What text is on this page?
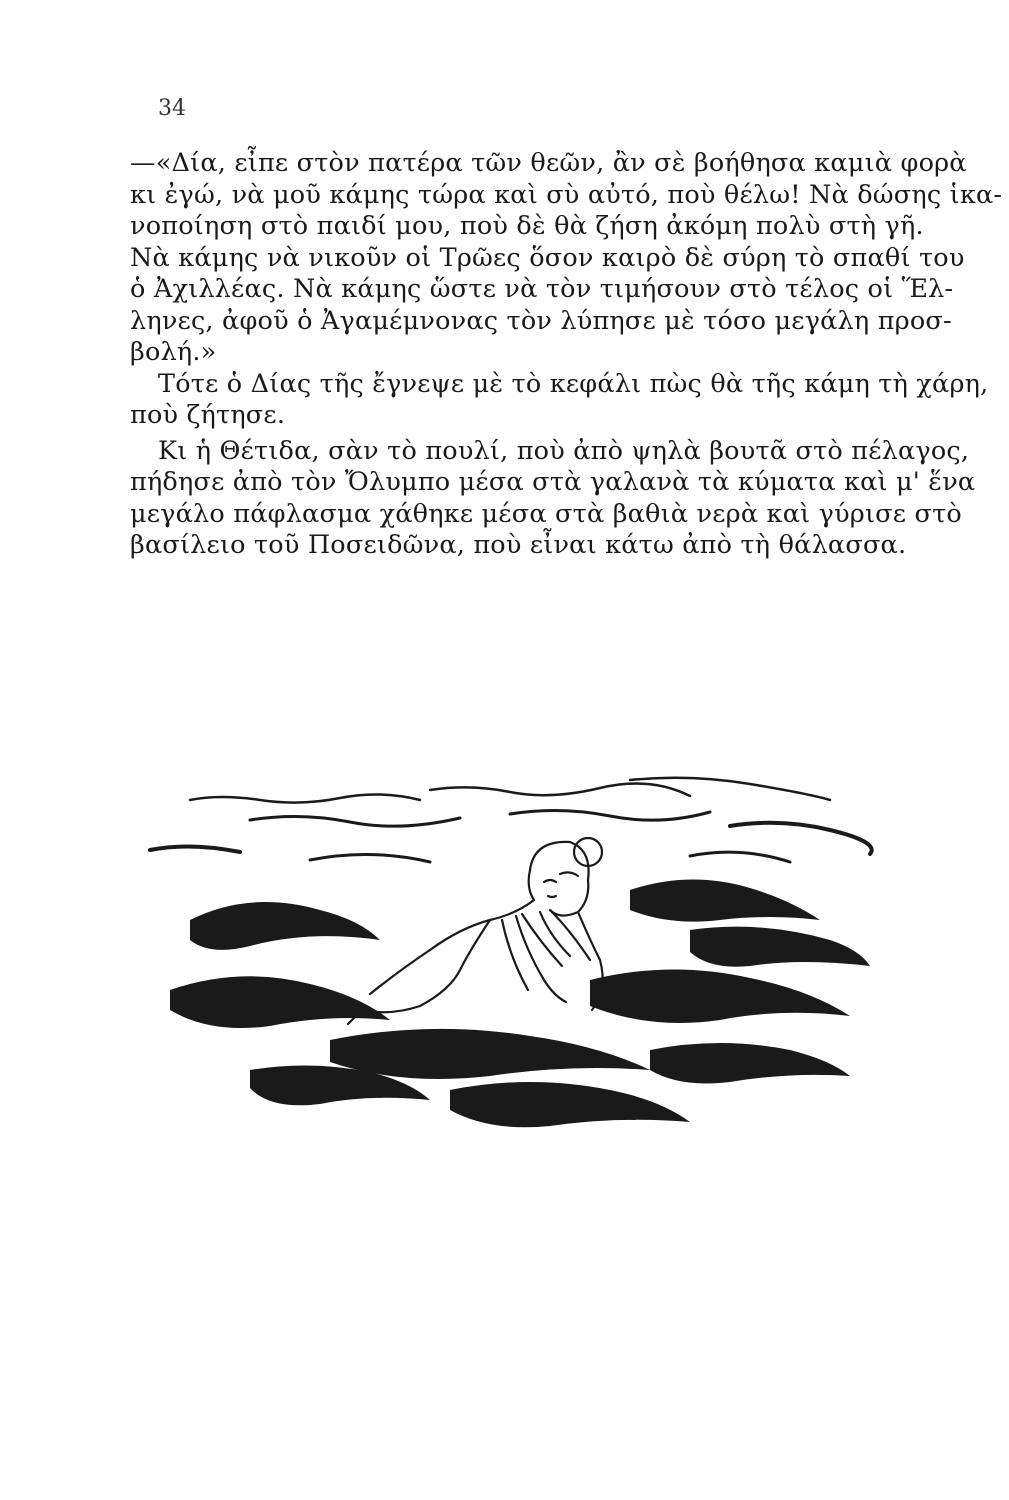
34
—«Δία, εἶπε στὸν πατέρα τῶν θεῶν, ἂν σὲ βοήθησα καμιὰ φορὰ
κι ἐγώ, νὰ μοῦ κάμης τώρα καὶ σὺ αὐτό, ποὺ θέλω! Νὰ δώσης ἱκα-
νοποίηση στὸ παιδί μου, ποὺ δὲ θὰ ζήση ἀκόμη πολὺ στὴ γῆ.
Νὰ κάμης νὰ νικοῦν οἱ Τρῶες ὅσον καιρὸ δὲ σύρη τὸ σπαθί του
ὁ Ἀχιλλέας. Νὰ κάμης ὥστε νὰ τὸν τιμήσουν στὸ τέλος οἱ Ἕλ-
ληνες, ἀφοῦ ὁ Ἀγαμέμνονας τὸν λύπησε μὲ τόσο μεγάλη προσ-
βολή.»
Τότε ὁ Δίας τῆς ἔγνεψε μὲ τὸ κεφάλι πὼς θὰ τῆς κάμη τὴ χάρη,
ποὺ ζήτησε.
Κι ἡ Θέτιδα, σὰν τὸ πουλί, ποὺ ἀπὸ ψηλὰ βουτᾶ στὸ πέλαγος,
πήδησε ἀπὸ τὸν Ὄλυμπο μέσα στὰ γαλανὰ τὰ κύματα καὶ μ' ἕνα
μεγάλο πάφλασμα χάθηκε μέσα στὰ βαθιὰ νερὰ καὶ γύρισε στὸ
βασίλειο τοῦ Ποσειδῶνα, ποὺ εἶναι κάτω ἀπὸ τὴ θάλασσα.
